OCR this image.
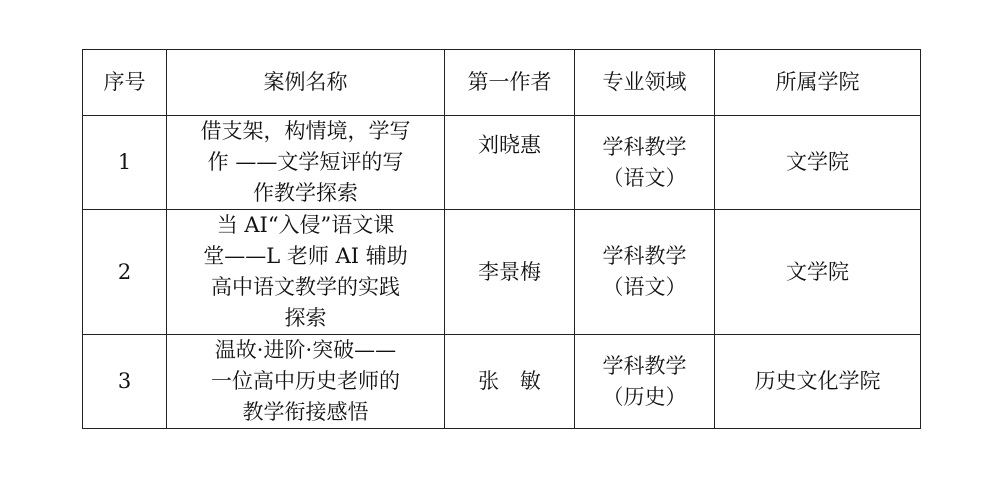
序号	案例名称	第一作者	专业领域	所属学院
1	借支架，构情境，学写
作 ——文学短评的写
作教学探索	刘晓惠	学科教学
（语文）	文学院
2	当 AI“入侵”语文课
堂——L 老师 AI 辅助
高中语文教学的实践
探索	李景梅	学科教学
（语文）	文学院
3	温故·进阶·突破——
一位高中历史老师的
教学衔接感悟	张 敏	学科教学
（历史）	历史文化学院
